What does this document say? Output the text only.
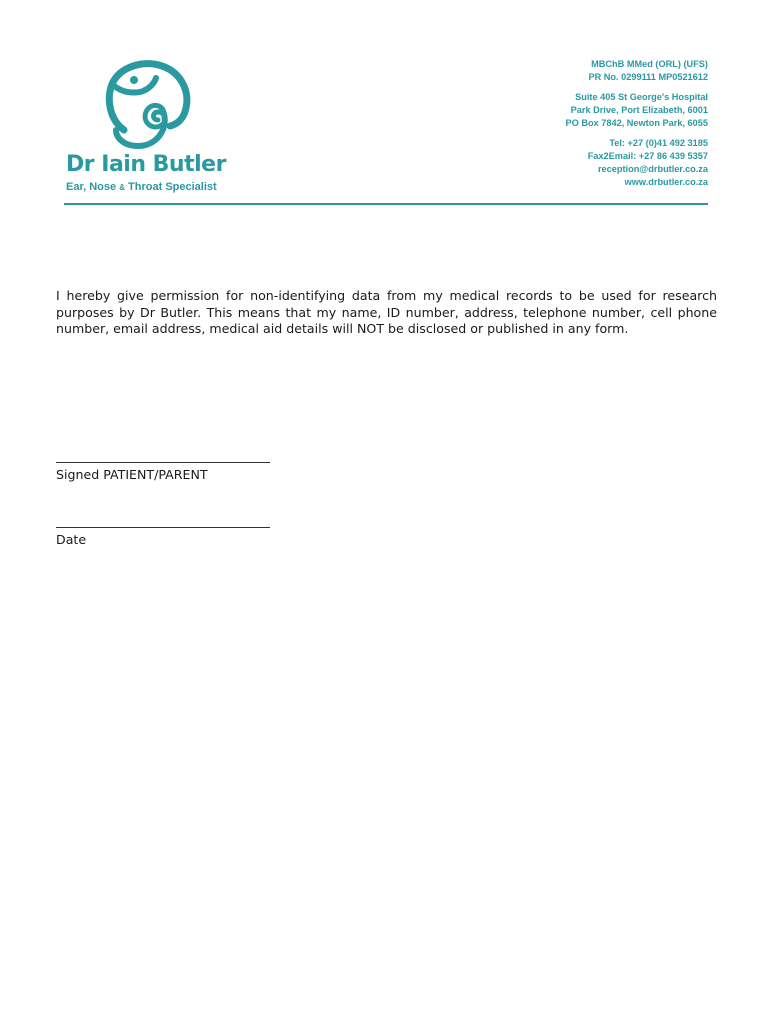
Dr Iain Butler
Ear, Nose & Throat Specialist
MBChB MMed (ORL) (UFS)
PR No. 0299111 MP0521612
Suite 405 St George's Hospital
Park Drive, Port Elizabeth, 6001
PO Box 7842, Newton Park, 6055
Tel: +27 (0)41 492 3185
Fax2Email: +27 86 439 5357
reception@drbutler.co.za
www.drbutler.co.za

I hereby give permission for non-identifying data from my medical records to be used for research purposes by Dr Butler. This means that my name, ID number, address, telephone number, cell phone number, email address, medical aid details will NOT be disclosed or published in any form.

Signed PATIENT/PARENT
Date
